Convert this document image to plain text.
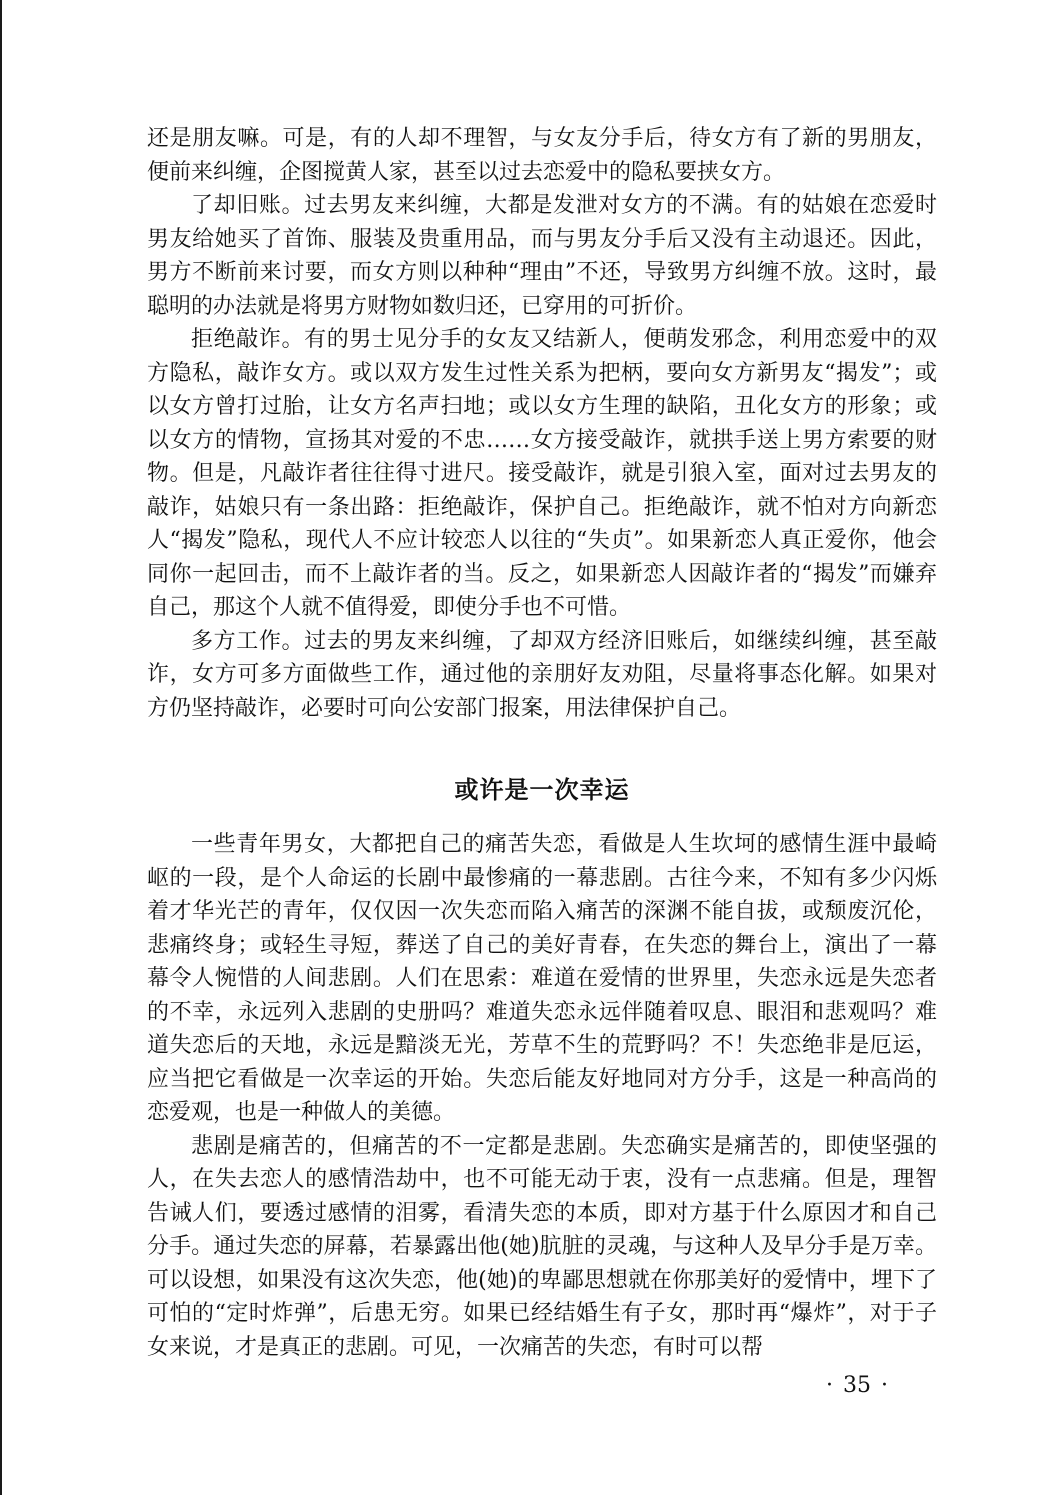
还是朋友嘛。可是，有的人却不理智，与女友分手后，待女方有了新的男朋友，便前来纠缠，企图搅黄人家，甚至以过去恋爱中的隐私要挟女方。

了却旧账。过去男友来纠缠，大都是发泄对女方的不满。有的姑娘在恋爱时男友给她买了首饰、服装及贵重用品，而与男友分手后又没有主动退还。因此，男方不断前来讨要，而女方则以种种“理由”不还，导致男方纠缠不放。这时，最聪明的办法就是将男方财物如数归还，已穿用的可折价。

拒绝敲诈。有的男士见分手的女友又结新人，便萌发邪念，利用恋爱中的双方隐私，敲诈女方。或以双方发生过性关系为把柄，要向女方新男友“揭发”；或以女方曾打过胎，让女方名声扫地；或以女方生理的缺陷，丑化女方的形象；或以女方的情物，宣扬其对爱的不忠……女方接受敲诈，就拱手送上男方索要的财物。但是，凡敲诈者往往得寸进尺。接受敲诈，就是引狼入室，面对过去男友的敲诈，姑娘只有一条出路：拒绝敲诈，保护自己。拒绝敲诈，就不怕对方向新恋人“揭发”隐私，现代人不应计较恋人以往的“失贞”。如果新恋人真正爱你，他会同你一起回击，而不上敲诈者的当。反之，如果新恋人因敲诈者的“揭发”而嫌弃自己，那这个人就不值得爱，即使分手也不可惜。

多方工作。过去的男友来纠缠，了却双方经济旧账后，如继续纠缠，甚至敲诈，女方可多方面做些工作，通过他的亲朋好友劝阻，尽量将事态化解。如果对方仍坚持敲诈，必要时可向公安部门报案，用法律保护自己。

或许是一次幸运

一些青年男女，大都把自己的痛苦失恋，看做是人生坎坷的感情生涯中最崎岖的一段，是个人命运的长剧中最惨痛的一幕悲剧。古往今来，不知有多少闪烁着才华光芒的青年，仅仅因一次失恋而陷入痛苦的深渊不能自拔，或颓废沉伦，悲痛终身；或轻生寻短，葬送了自己的美好青春，在失恋的舞台上，演出了一幕幕令人惋惜的人间悲剧。人们在思索：难道在爱情的世界里，失恋永远是失恋者的不幸，永远列入悲剧的史册吗？难道失恋永远伴随着叹息、眼泪和悲观吗？难道失恋后的天地，永远是黯淡无光，芳草不生的荒野吗？不！失恋绝非是厄运，应当把它看做是一次幸运的开始。失恋后能友好地同对方分手，这是一种高尚的恋爱观，也是一种做人的美德。

悲剧是痛苦的，但痛苦的不一定都是悲剧。失恋确实是痛苦的，即使坚强的人，在失去恋人的感情浩劫中，也不可能无动于衷，没有一点悲痛。但是，理智告诫人们，要透过感情的泪雾，看清失恋的本质，即对方基于什么原因才和自己分手。通过失恋的屏幕，若暴露出他(她)肮脏的灵魂，与这种人及早分手是万幸。可以设想，如果没有这次失恋，他(她)的卑鄙思想就在你那美好的爱情中，埋下了可怕的“定时炸弹”，后患无穷。如果已经结婚生有子女，那时再“爆炸”，对于子女来说，才是真正的悲剧。可见，一次痛苦的失恋，有时可以帮

· 35 ·
